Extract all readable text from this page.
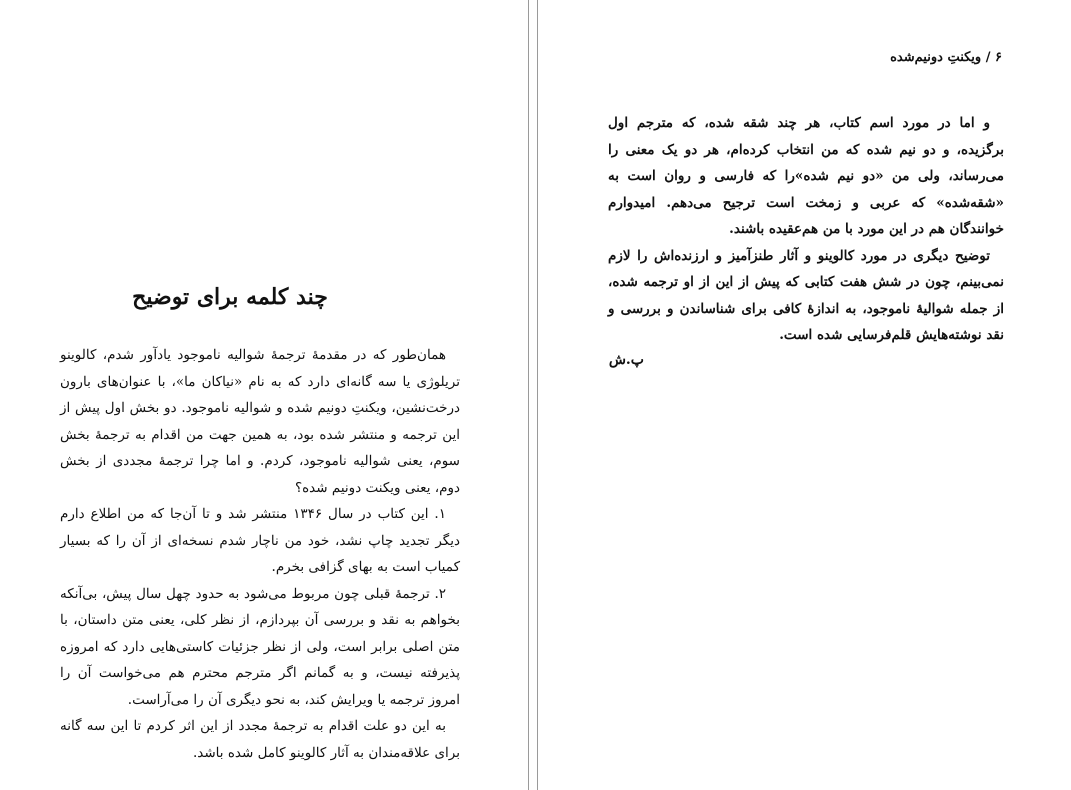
چند کلمه برای توضیح

همان‌طور که در مقدمهٔ ترجمهٔ شوالیه ناموجود یادآور شدم، کالوینو تریلوژی یا سه گانه‌ای دارد که به نام «نیاکان ما»، با عنوان‌های بارون درخت‌نشین، ویکنتِ دونیم شده و شوالیه ناموجود. دو بخش اول پیش از این ترجمه و منتشر شده بود، به همین جهت من اقدام به ترجمهٔ بخش سوم، یعنی شوالیه ناموجود، کردم. و اما چرا ترجمهٔ مجددی از بخش دوم، یعنی ویکنت دونیم شده؟

۱. این کتاب در سال ۱۳۴۶ منتشر شد و تا آن‌جا که من اطلاع دارم دیگر تجدید چاپ نشد، خود من ناچار شدم نسخه‌ای از آن را که بسیار کمیاب است به بهای گزافی بخرم.

۲. ترجمهٔ قبلی چون مربوط می‌شود به حدود چهل سال پیش، بی‌آنکه بخواهم به نقد و بررسی آن بپردازم، از نظر کلی، یعنی متن داستان، با متن اصلی برابر است، ولی از نظر جزئیات کاستی‌هایی دارد که امروزه پذیرفته نیست، و به گمانم اگر مترجم محترم هم می‌خواست آن را امروز ترجمه یا ویرایش کند، به نحو دیگری آن را می‌آراست.

به این دو علت اقدام به ترجمهٔ مجدد از این اثر کردم تا این سه گانه برای علاقه‌مندان به آثار کالوینو کامل شده باشد.

۶ / ویکنتِ دونیم‌شده

و اما در مورد اسم کتاب، هر چند شقه شده، که مترجم اول برگزیده، و دو نیم شده که من انتخاب کرده‌ام، هر دو یک معنی را می‌رساند، ولی من «دو نیم شده»را که فارسی و روان است به «شقه‌شده» که عربی و زمخت است ترجیح می‌دهم. امیدوارم خوانندگان هم در این مورد با من هم‌عقیده باشند.

توضیح دیگری در مورد کالوینو و آثار طنزآمیز و ارزنده‌اش را لازم نمی‌بینم، چون در شش هفت کتابی که پیش از این از او ترجمه شده، از جمله شوالیهٔ ناموجود، به اندازهٔ کافی برای شناساندن و بررسی و نقد نوشته‌هایش قلم‌فرسایی شده است.

پ.ش
